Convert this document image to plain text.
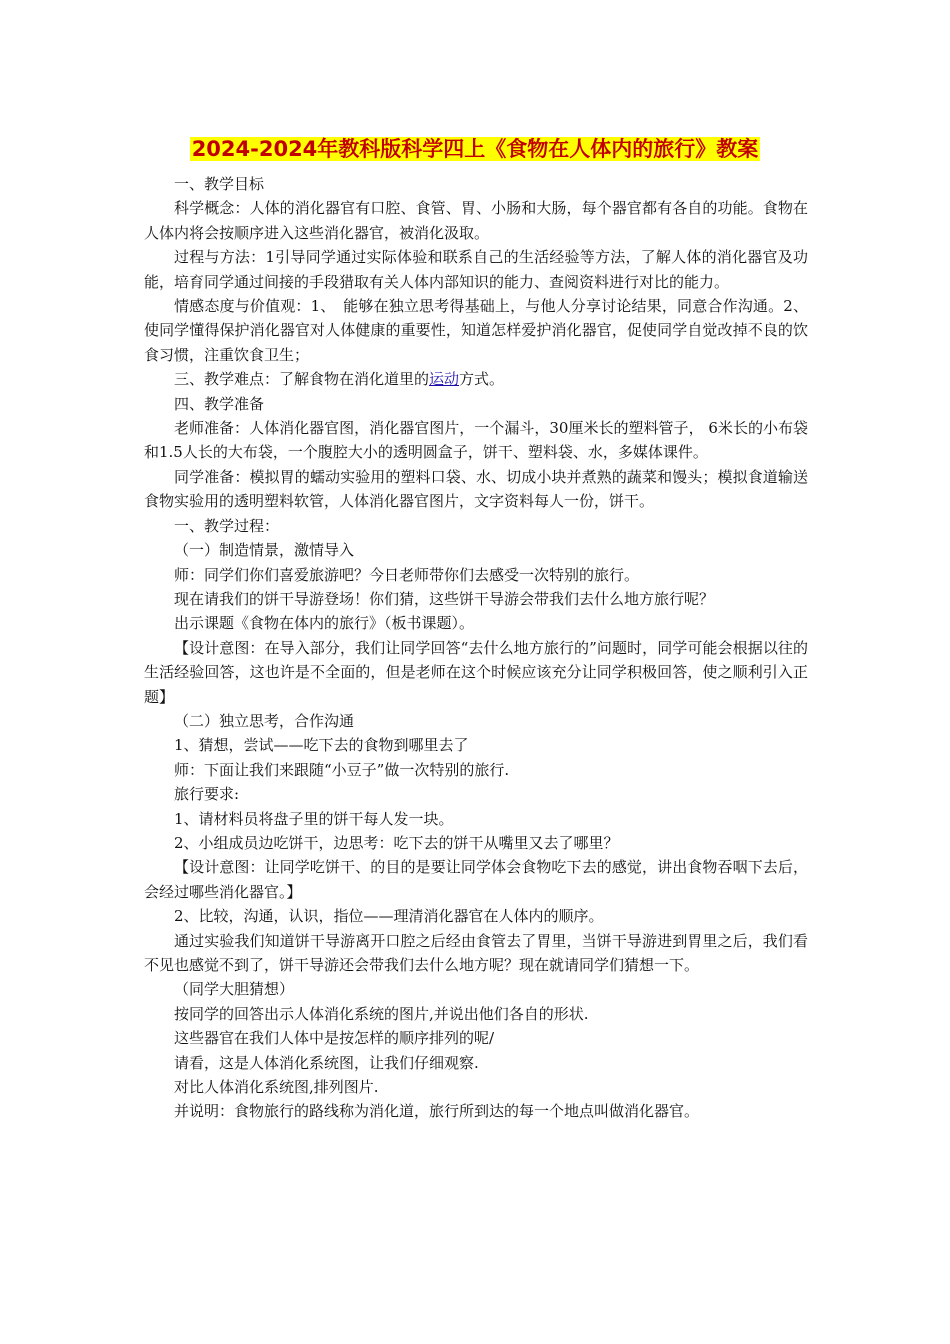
2024-2024年教科版科学四上《食物在人体内的旅行》教案

一、教学目标

科学概念：人体的消化器官有口腔、食管、胃、小肠和大肠，每个器官都有各自的功能。食物在人体内将会按顺序进入这些消化器官，被消化汲取。

过程与方法：1引导同学通过实际体验和联系自己的生活经验等方法，了解人体的消化器官及功能，培育同学通过间接的手段猎取有关人体内部知识的能力、查阅资料进行对比的能力。

情感态度与价值观：1、　能够在独立思考得基础上，与他人分享讨论结果，同意合作沟通。2、使同学懂得保护消化器官对人体健康的重要性，知道怎样爱护消化器官，促使同学自觉改掉不良的饮食习惯，注重饮食卫生；

三、教学难点：了解食物在消化道里的运动方式。

四、教学准备

老师准备：人体消化器官图，消化器官图片，一个漏斗，30厘米长的塑料管子， 6米长的小布袋和1.5人长的大布袋，一个腹腔大小的透明圆盒子，饼干、塑料袋、水，多媒体课件。

同学准备：模拟胃的蠕动实验用的塑料口袋、水、切成小块并煮熟的蔬菜和馒头；模拟食道输送食物实验用的透明塑料软管，人体消化器官图片，文字资料每人一份，饼干。

一、教学过程：

（一）制造情景，激情导入

师：同学们你们喜爱旅游吧？今日老师带你们去感受一次特别的旅行。

现在请我们的饼干导游登场！你们猜，这些饼干导游会带我们去什么地方旅行呢？

出示课题《食物在体内的旅行》（板书课题）。

【设计意图：在导入部分，我们让同学回答“去什么地方旅行的”问题时，同学可能会根据以往的生活经验回答，这也许是不全面的，但是老师在这个时候应该充分让同学积极回答，使之顺利引入正题】

（二）独立思考，合作沟通

1、猜想，尝试——吃下去的食物到哪里去了

师：下面让我们来跟随“小豆子”做一次特别的旅行.

旅行要求:

1、请材料员将盘子里的饼干每人发一块。

2、小组成员边吃饼干，边思考：吃下去的饼干从嘴里又去了哪里？

【设计意图：让同学吃饼干、的目的是要让同学体会食物吃下去的感觉，讲出食物吞咽下去后，会经过哪些消化器官。】

2、比较，沟通，认识，指位——理清消化器官在人体内的顺序。

通过实验我们知道饼干导游离开口腔之后经由食管去了胃里，当饼干导游进到胃里之后，我们看不见也感觉不到了，饼干导游还会带我们去什么地方呢？现在就请同学们猜想一下。

（同学大胆猜想）

按同学的回答出示人体消化系统的图片,并说出他们各自的形状.

这些器官在我们人体中是按怎样的顺序排列的呢/

请看，这是人体消化系统图，让我们仔细观察.

对比人体消化系统图,排列图片.

并说明：食物旅行的路线称为消化道，旅行所到达的每一个地点叫做消化器官。
